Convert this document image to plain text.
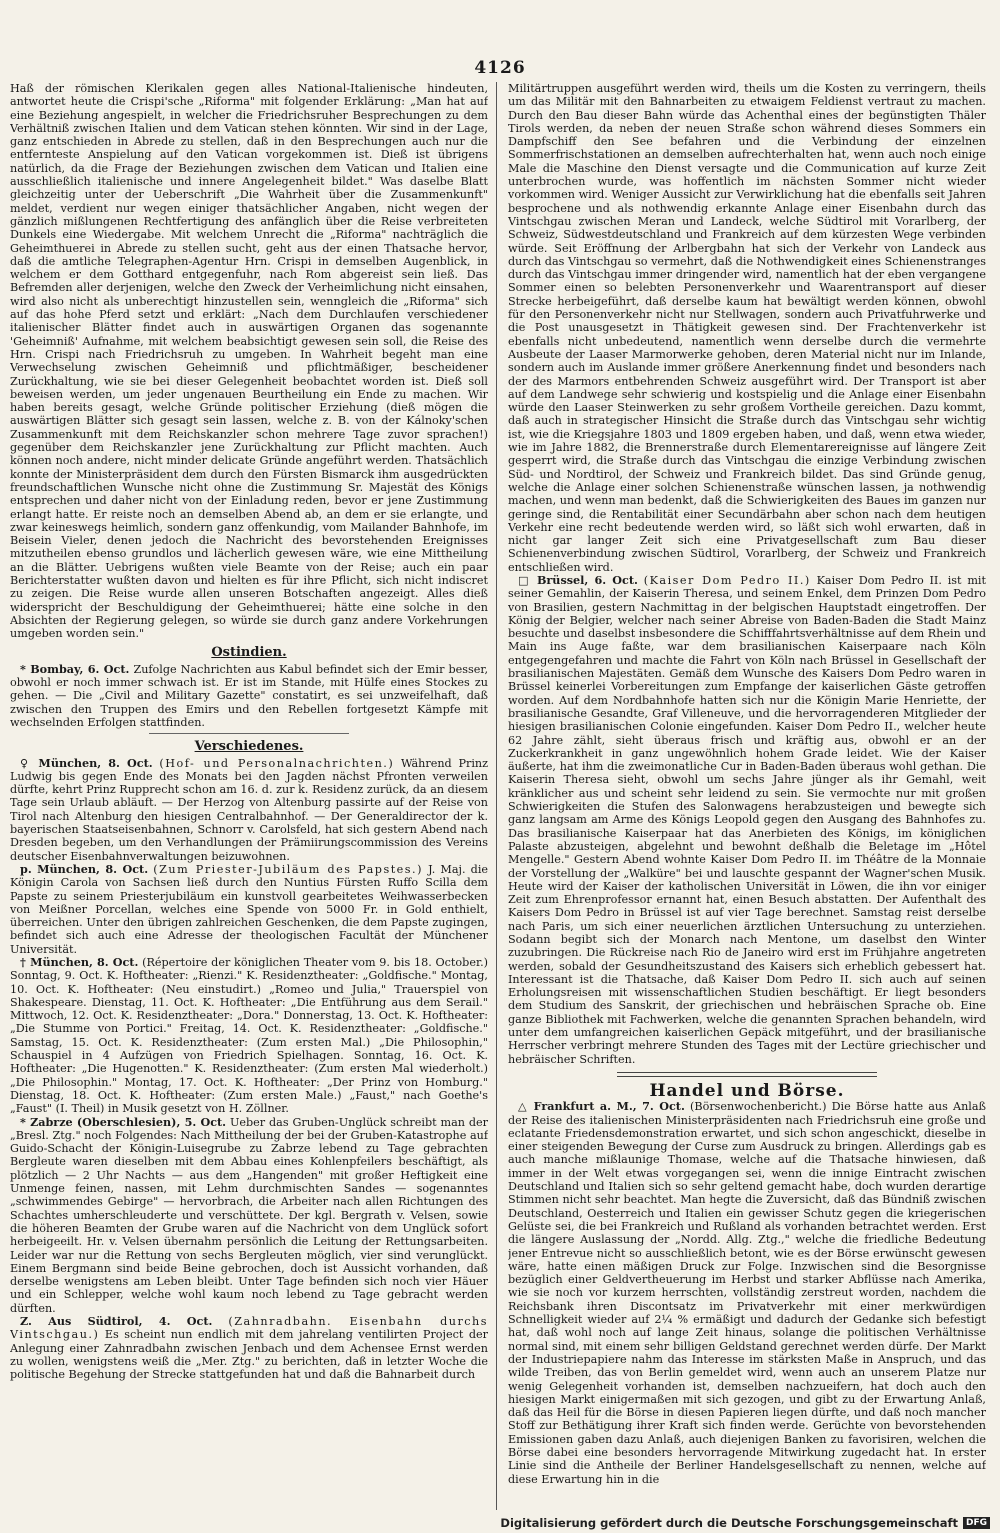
4126

Haß der römischen Klerikalen gegen alles National-Italienische hindeuten, antwortet heute die Crispi'sche „Riforma" mit folgender Erklärung: „Man hat auf eine Beziehung angespielt, in welcher die Friedrichsruher Besprechungen zu dem Verhältniß zwischen Italien und dem Vatican stehen könnten. Wir sind in der Lage, ganz entschieden in Abrede zu stellen, daß in den Besprechungen auch nur die entfernteste Anspielung auf den Vatican vorgekommen ist. Dieß ist übrigens natürlich, da die Frage der Beziehungen zwischen dem Vatican und Italien eine ausschließlich italienische und innere Angelegenheit bildet." Was daselbe Blatt gleichzeitig unter der Ueberschrift „Die Wahrheit über die Zusammenkunft" meldet, verdient nur wegen einiger thatsächlicher Angaben, nicht wegen der gänzlich mißlungenen Rechtfertigung des anfänglich über die Reise verbreiteten Dunkels eine Wiedergabe. Mit welchem Unrecht die „Riforma" nachträglich die Geheimthuerei in Abrede zu stellen sucht, geht aus der einen Thatsache hervor, daß die amtliche Telegraphen-Agentur Hrn. Crispi in demselben Augenblick, in welchem er dem Gotthard entgegenfuhr, nach Rom abgereist sein ließ. Das Befremden aller derjenigen, welche den Zweck der Verheimlichung nicht einsahen, wird also nicht als unberechtigt hinzustellen sein, wenngleich die „Riforma" sich auf das hohe Pferd setzt und erklärt: „Nach dem Durchlaufen verschiedener italienischer Blätter findet auch in auswärtigen Organen das sogenannte 'Geheimniß' Aufnahme, mit welchem beabsichtigt gewesen sein soll, die Reise des Hrn. Crispi nach Friedrichsruh zu umgeben. In Wahrheit begeht man eine Verwechselung zwischen Geheimniß und pflichtmäßiger, bescheidener Zurückhaltung, wie sie bei dieser Gelegenheit beobachtet worden ist. Dieß soll beweisen werden, um jeder ungenauen Beurtheilung ein Ende zu machen. Wir haben bereits gesagt, welche Gründe politischer Erziehung (dieß mögen die auswärtigen Blätter sich gesagt sein lassen, welche z. B. von der Kálnoky'schen Zusammenkunft mit dem Reichskanzler schon mehrere Tage zuvor sprachen!) gegenüber dem Reichskanzler jene Zurückhaltung zur Pflicht machten. Auch können noch andere, nicht minder delicate Gründe angeführt werden. Thatsächlich konnte der Ministerpräsident dem durch den Fürsten Bismarck ihm ausgedrückten freundschaftlichen Wunsche nicht ohne die Zustimmung Sr. Majestät des Königs entsprechen und daher nicht von der Einladung reden, bevor er jene Zustimmung erlangt hatte. Er reiste noch an demselben Abend ab, an dem er sie erlangte, und zwar keineswegs heimlich, sondern ganz offenkundig, vom Mailander Bahnhofe, im Beisein Vieler, denen jedoch die Nachricht des bevorstehenden Ereignisses mitzutheilen ebenso grundlos und lächerlich gewesen wäre, wie eine Mittheilung an die Blätter. Uebrigens wußten viele Beamte von der Reise; auch ein paar Berichterstatter wußten davon und hielten es für ihre Pflicht, sich nicht indiscret zu zeigen. Die Reise wurde allen unseren Botschaften angezeigt. Alles dieß widerspricht der Beschuldigung der Geheimthuerei; hätte eine solche in den Absichten der Regierung gelegen, so würde sie durch ganz andere Vorkehrungen umgeben worden sein."

Ostindien.

* Bombay, 6. Oct. Zufolge Nachrichten aus Kabul befindet sich der Emir besser, obwohl er noch immer schwach ist. Er ist im Stande, mit Hülfe eines Stockes zu gehen. — Die „Civil and Military Gazette" constatirt, es sei unzweifelhaft, daß zwischen den Truppen des Emirs und den Rebellen fortgesetzt Kämpfe mit wechselnden Erfolgen stattfinden.

Verschiedenes.

♀ München, 8. Oct. (Hof- und Personalnachrichten.) Während Prinz Ludwig bis gegen Ende des Monats bei den Jagden nächst Pfronten verweilen dürfte, kehrt Prinz Rupprecht schon am 16. d. zur k. Residenz zurück, da an diesem Tage sein Urlaub abläuft. — Der Herzog von Altenburg passirte auf der Reise von Tirol nach Altenburg den hiesigen Centralbahnhof. — Der Generaldirector der k. bayerischen Staatseisenbahnen, Schnorr v. Carolsfeld, hat sich gestern Abend nach Dresden begeben, um den Verhandlungen der Prämiirungscommission des Vereins deutscher Eisenbahnverwaltungen beizuwohnen.

p. München, 8. Oct. (Zum Priester-Jubiläum des Papstes.) J. Maj. die Königin Carola von Sachsen ließ durch den Nuntius Fürsten Ruffo Scilla dem Papste zu seinem Priesterjubiläum ein kunstvoll gearbeitetes Weihwasserbecken von Meißner Porcellan, welches eine Spende von 5000 Fr. in Gold enthielt, überreichen. Unter den übrigen zahlreichen Geschenken, die dem Papste zugingen, befindet sich auch eine Adresse der theologischen Facultät der Münchener Universität.

† München, 8. Oct. (Répertoire der königlichen Theater vom 9. bis 18. October.) Sonntag, 9. Oct. K. Hoftheater: „Rienzi." K. Residenztheater: „Goldfische." Montag, 10. Oct. K. Hoftheater: (Neu einstudirt.) „Romeo und Julia," Trauerspiel von Shakespeare. Dienstag, 11. Oct. K. Hoftheater: „Die Entführung aus dem Serail." Mittwoch, 12. Oct. K. Residenztheater: „Dora." Donnerstag, 13. Oct. K. Hoftheater: „Die Stumme von Portici." Freitag, 14. Oct. K. Residenztheater: „Goldfische." Samstag, 15. Oct. K. Residenztheater: (Zum ersten Mal.) „Die Philosophin," Schauspiel in 4 Aufzügen von Friedrich Spielhagen. Sonntag, 16. Oct. K. Hoftheater: „Die Hugenotten." K. Residenztheater: (Zum ersten Mal wiederholt.) „Die Philosophin." Montag, 17. Oct. K. Hoftheater: „Der Prinz von Homburg." Dienstag, 18. Oct. K. Hoftheater: (Zum ersten Male.) „Faust," nach Goethe's „Faust" (I. Theil) in Musik gesetzt von H. Zöllner.

* Zabrze (Oberschlesien), 5. Oct. Ueber das Gruben-Unglück schreibt man der „Bresl. Ztg." noch Folgendes: Nach Mittheilung der bei der Gruben-Katastrophe auf Guido-Schacht der Königin-Luisegrube zu Zabrze lebend zu Tage gebrachten Bergleute waren dieselben mit dem Abbau eines Kohlenpfeilers beschäftigt, als plötzlich — 2 Uhr Nachts — aus dem „Hangenden" mit großer Heftigkeit eine Unmenge feinen, nassen, mit Lehm durchmischten Sandes — sogenanntes „schwimmendes Gebirge" — hervorbrach, die Arbeiter nach allen Richtungen des Schachtes umherschleuderte und verschüttete. Der kgl. Bergrath v. Velsen, sowie die höheren Beamten der Grube waren auf die Nachricht von dem Unglück sofort herbeigeeilt. Hr. v. Velsen übernahm persönlich die Leitung der Rettungsarbeiten. Leider war nur die Rettung von sechs Bergleuten möglich, vier sind verunglückt. Einem Bergmann sind beide Beine gebrochen, doch ist Aussicht vorhanden, daß derselbe wenigstens am Leben bleibt. Unter Tage befinden sich noch vier Häuer und ein Schlepper, welche wohl kaum noch lebend zu Tage gebracht werden dürften.

Z. Aus Südtirol, 4. Oct. (Zahnradbahn. Eisenbahn durchs Vintschgau.) Es scheint nun endlich mit dem jahrelang ventilirten Project der Anlegung einer Zahnradbahn zwischen Jenbach und dem Achensee Ernst werden zu wollen, wenigstens weiß die „Mer. Ztg." zu berichten, daß in letzter Woche die politische Begehung der Strecke stattgefunden hat und daß die Bahnarbeit durch

Militärtruppen ausgeführt werden wird, theils um die Kosten zu verringern, theils um das Militär mit den Bahnarbeiten zu etwaigem Feldienst vertraut zu machen. Durch den Bau dieser Bahn würde das Achenthal eines der begünstigten Thäler Tirols werden, da neben der neuen Straße schon während dieses Sommers ein Dampfschiff den See befahren und die Verbindung der einzelnen Sommerfrischstationen an demselben aufrechterhalten hat, wenn auch noch einige Male die Maschine den Dienst versagte und die Communication auf kurze Zeit unterbrochen wurde, was hoffentlich im nächsten Sommer nicht wieder vorkommen wird. Weniger Aussicht zur Verwirklichung hat die ebenfalls seit Jahren besprochene und als nothwendig erkannte Anlage einer Eisenbahn durch das Vintschgau zwischen Meran und Landeck, welche Südtirol mit Vorarlberg, der Schweiz, Südwestdeutschland und Frankreich auf dem kürzesten Wege verbinden würde. Seit Eröffnung der Arlbergbahn hat sich der Verkehr von Landeck aus durch das Vintschgau so vermehrt, daß die Nothwendigkeit eines Schienenstranges durch das Vintschgau immer dringender wird, namentlich hat der eben vergangene Sommer einen so belebten Personenverkehr und Waarentransport auf dieser Strecke herbeigeführt, daß derselbe kaum hat bewältigt werden können, obwohl für den Personenverkehr nicht nur Stellwagen, sondern auch Privatfuhrwerke und die Post unausgesetzt in Thätigkeit gewesen sind. Der Frachtenverkehr ist ebenfalls nicht unbedeutend, namentlich wenn derselbe durch die vermehrte Ausbeute der Laaser Marmorwerke gehoben, deren Material nicht nur im Inlande, sondern auch im Auslande immer größere Anerkennung findet und besonders nach der des Marmors entbehrenden Schweiz ausgeführt wird. Der Transport ist aber auf dem Landwege sehr schwierig und kostspielig und die Anlage einer Eisenbahn würde den Laaser Steinwerken zu sehr großem Vortheile gereichen. Dazu kommt, daß auch in strategischer Hinsicht die Straße durch das Vintschgau sehr wichtig ist, wie die Kriegsjahre 1803 und 1809 ergeben haben, und daß, wenn etwa wieder, wie im Jahre 1882, die Brennerstraße durch Elementarereignisse auf längere Zeit gesperrt wird, die Straße durch das Vintschgau die einzige Verbindung zwischen Süd- und Nordtirol, der Schweiz und Frankreich bildet. Das sind Gründe genug, welche die Anlage einer solchen Schienenstraße wünschen lassen, ja nothwendig machen, und wenn man bedenkt, daß die Schwierigkeiten des Baues im ganzen nur geringe sind, die Rentabilität einer Secundärbahn aber schon nach dem heutigen Verkehr eine recht bedeutende werden wird, so läßt sich wohl erwarten, daß in nicht gar langer Zeit sich eine Privatgesellschaft zum Bau dieser Schienenverbindung zwischen Südtirol, Vorarlberg, der Schweiz und Frankreich entschließen wird.

□ Brüssel, 6. Oct. (Kaiser Dom Pedro II.) Kaiser Dom Pedro II. ist mit seiner Gemahlin, der Kaiserin Theresa, und seinem Enkel, dem Prinzen Dom Pedro von Brasilien, gestern Nachmittag in der belgischen Hauptstadt eingetroffen. Der König der Belgier, welcher nach seiner Abreise von Baden-Baden die Stadt Mainz besuchte und daselbst insbesondere die Schifffahrtsverhältnisse auf dem Rhein und Main ins Auge faßte, war dem brasilianischen Kaiserpaare nach Köln entgegengefahren und machte die Fahrt von Köln nach Brüssel in Gesellschaft der brasilianischen Majestäten. Gemäß dem Wunsche des Kaisers Dom Pedro waren in Brüssel keinerlei Vorbereitungen zum Empfange der kaiserlichen Gäste getroffen worden. Auf dem Nordbahnhofe hatten sich nur die Königin Marie Henriette, der brasilianische Gesandte, Graf Villeneuve, und die hervorragenderen Mitglieder der hiesigen brasilianischen Colonie eingefunden. Kaiser Dom Pedro II., welcher heute 62 Jahre zählt, sieht überaus frisch und kräftig aus, obwohl er an der Zuckerkrankheit in ganz ungewöhnlich hohem Grade leidet. Wie der Kaiser äußerte, hat ihm die zweimonatliche Cur in Baden-Baden überaus wohl gethan. Die Kaiserin Theresa sieht, obwohl um sechs Jahre jünger als ihr Gemahl, weit kränklicher aus und scheint sehr leidend zu sein. Sie vermochte nur mit großen Schwierigkeiten die Stufen des Salonwagens herabzusteigen und bewegte sich ganz langsam am Arme des Königs Leopold gegen den Ausgang des Bahnhofes zu. Das brasilianische Kaiserpaar hat das Anerbieten des Königs, im königlichen Palaste abzusteigen, abgelehnt und bewohnt deßhalb die Beletage im „Hôtel Mengelle." Gestern Abend wohnte Kaiser Dom Pedro II. im Théâtre de la Monnaie der Vorstellung der „Walküre" bei und lauschte gespannt der Wagner'schen Musik. Heute wird der Kaiser der katholischen Universität in Löwen, die ihn vor einiger Zeit zum Ehrenprofessor ernannt hat, einen Besuch abstatten. Der Aufenthalt des Kaisers Dom Pedro in Brüssel ist auf vier Tage berechnet. Samstag reist derselbe nach Paris, um sich einer neuerlichen ärztlichen Untersuchung zu unterziehen. Sodann begibt sich der Monarch nach Mentone, um daselbst den Winter zuzubringen. Die Rückreise nach Rio de Janeiro wird erst im Frühjahre angetreten werden, sobald der Gesundheitszustand des Kaisers sich erheblich gebessert hat. Interessant ist die Thatsache, daß Kaiser Dom Pedro II. sich auch auf seinen Erholungsreisen mit wissenschaftlichen Studien beschäftigt. Er liegt besonders dem Studium des Sanskrit, der griechischen und hebräischen Sprache ob. Eine ganze Bibliothek mit Fachwerken, welche die genannten Sprachen behandeln, wird unter dem umfangreichen kaiserlichen Gepäck mitgeführt, und der brasilianische Herrscher verbringt mehrere Stunden des Tages mit der Lectüre griechischer und hebräischer Schriften.

Handel und Börse.

△ Frankfurt a. M., 7. Oct. (Börsenwochenbericht.) Die Börse hatte aus Anlaß der Reise des italienischen Ministerpräsidenten nach Friedrichsruh eine große und eclatante Friedensdemonstration erwartet, und sich schon angeschickt, dieselbe in einer steigenden Bewegung der Curse zum Ausdruck zu bringen. Allerdings gab es auch manche mißlaunige Thomase, welche auf die Thatsache hinwiesen, daß immer in der Welt etwas vorgegangen sei, wenn die innige Eintracht zwischen Deutschland und Italien sich so sehr geltend gemacht habe, doch wurden derartige Stimmen nicht sehr beachtet. Man hegte die Zuversicht, daß das Bündniß zwischen Deutschland, Oesterreich und Italien ein gewisser Schutz gegen die kriegerischen Gelüste sei, die bei Frankreich und Rußland als vorhanden betrachtet werden. Erst die längere Auslassung der „Nordd. Allg. Ztg.," welche die friedliche Bedeutung jener Entrevue nicht so ausschließlich betont, wie es der Börse erwünscht gewesen wäre, hatte einen mäßigen Druck zur Folge. Inzwischen sind die Besorgnisse bezüglich einer Geldvertheuerung im Herbst und starker Abflüsse nach Amerika, wie sie noch vor kurzem herrschten, vollständig zerstreut worden, nachdem die Reichsbank ihren Discontsatz im Privatverkehr mit einer merkwürdigen Schnelligkeit wieder auf 2¼ % ermäßigt und dadurch der Gedanke sich befestigt hat, daß wohl noch auf lange Zeit hinaus, solange die politischen Verhältnisse normal sind, mit einem sehr billigen Geldstand gerechnet werden dürfe. Der Markt der Industriepapiere nahm das Interesse im stärksten Maße in Anspruch, und das wilde Treiben, das von Berlin gemeldet wird, wenn auch an unserem Platze nur wenig Gelegenheit vorhanden ist, demselben nachzueifern, hat doch auch den hiesigen Markt einigermaßen mit sich gezogen, und gibt zu der Erwartung Anlaß, daß das Heil für die Börse in diesen Papieren liegen dürfte, und daß noch mancher Stoff zur Bethätigung ihrer Kraft sich finden werde. Gerüchte von bevorstehenden Emissionen gaben dazu Anlaß, auch diejenigen Banken zu favorisiren, welchen die Börse dabei eine besonders hervorragende Mitwirkung zugedacht hat. In erster Linie sind die Antheile der Berliner Handelsgesellschaft zu nennen, welche auf diese Erwartung hin in die

Digitalisierung gefördert durch die Deutsche Forschungsgemeinschaft DFG
